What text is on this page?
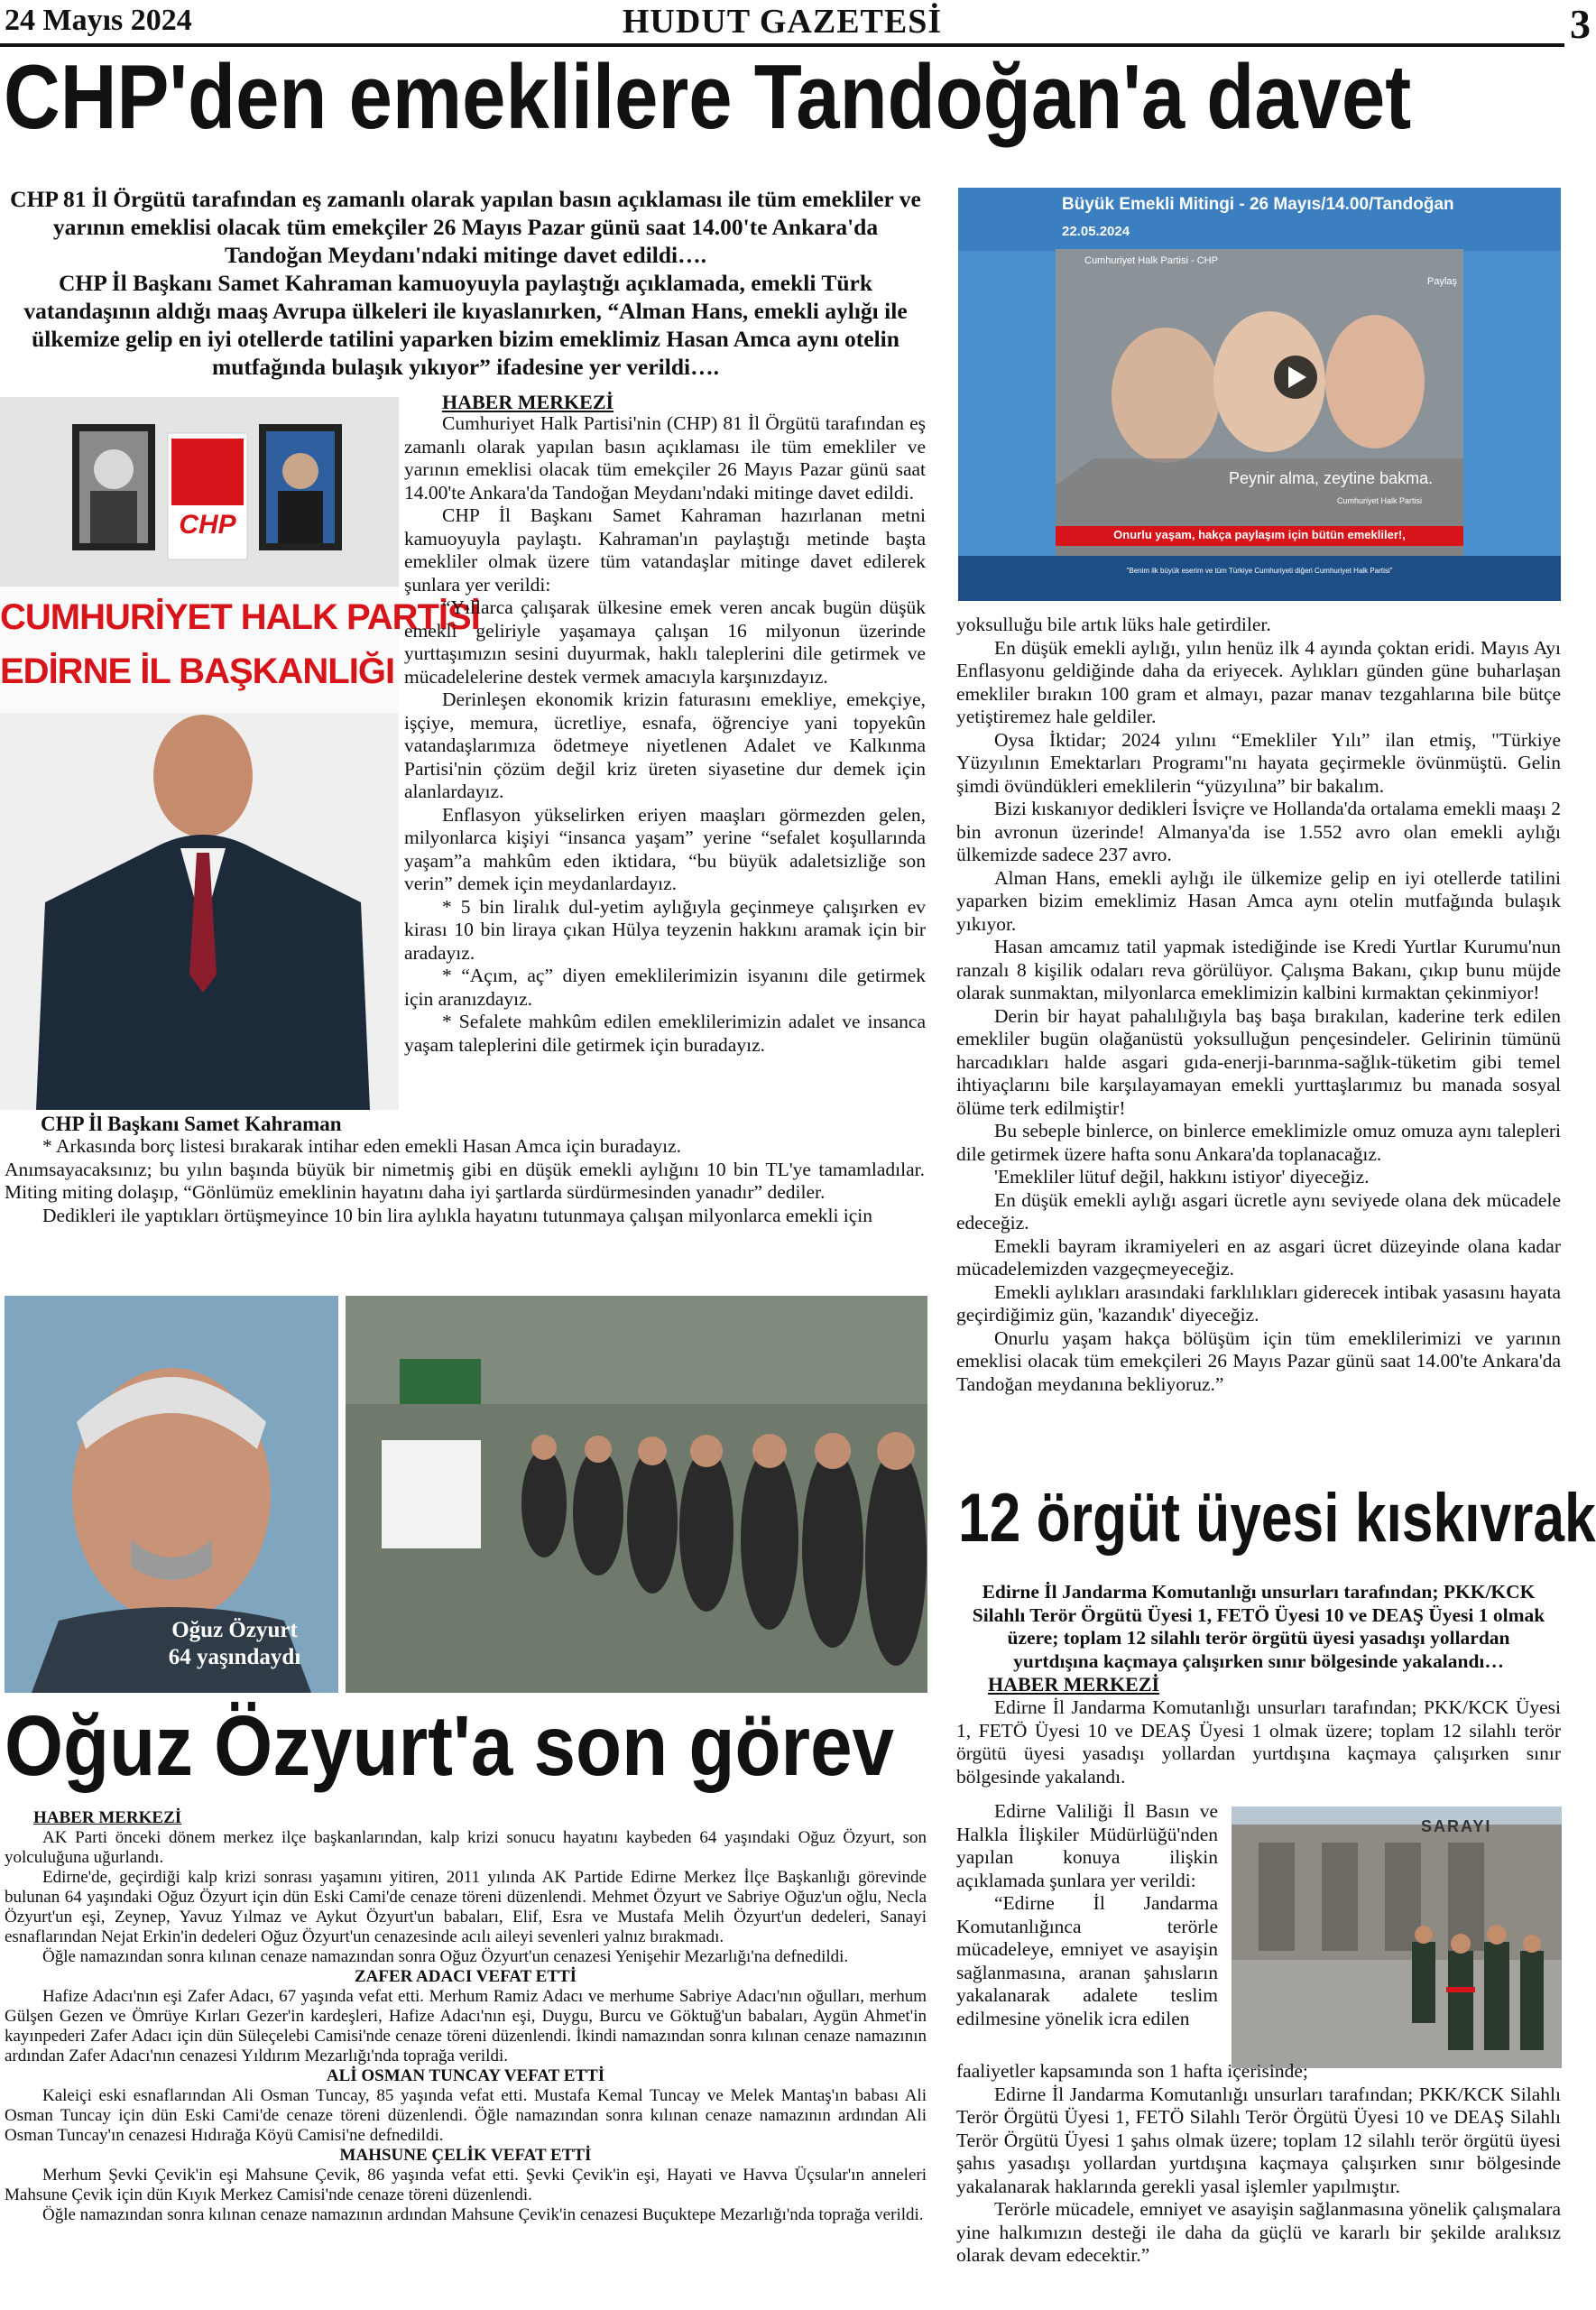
24 Mayıs 2024	HUDUT GAZETESİ	3
CHP'den emeklilere Tandoğan'a davet
CHP 81 İl Örgütü tarafından eş zamanlı olarak yapılan basın açıklaması ile tüm emekliler ve yarının emeklisi olacak tüm emekçiler 26 Mayıs Pazar günü saat 14.00'te Ankara'da Tandoğan Meydanı'ndaki mitinge davet edildi….
CHP İl Başkanı Samet Kahraman kamuoyuyla paylaştığı açıklamada, emekli Türk vatandaşının aldığı maaş Avrupa ülkeleri ile kıyaslanırken, “Alman Hans, emekli aylığı ile ülkemize gelip en iyi otellerde tatilini yaparken bizim emeklimiz Hasan Amca aynı otelin mutfağında bulaşık yıkıyor” ifadesine yer verildi….
CHP
CUMHURİYET HALK PARTİSİ
EDİRNE İL BAŞKANLIĞI
CHP İl Başkanı Samet Kahraman
HABER MERKEZİ

Cumhuriyet Halk Partisi'nin (CHP) 81 İl Örgütü tarafından eş zamanlı olarak yapılan basın açıklaması ile tüm emekliler ve yarının emeklisi olacak tüm emekçiler 26 Mayıs Pazar günü saat 14.00'te Ankara'da Tandoğan Meydanı'ndaki mitinge davet edildi.

CHP İl Başkanı Samet Kahraman hazırlanan metni kamuoyuyla paylaştı. Kahraman'ın paylaştığı metinde başta emekliler olmak üzere tüm vatandaşlar mitinge davet edilerek şunlara yer verildi:

“Yıllarca çalışarak ülkesine emek veren ancak bugün düşük emekli geliriyle yaşamaya çalışan 16 milyonun üzerinde yurttaşımızın sesini duyurmak, haklı taleplerini dile getirmek ve mücadelelerine destek vermek amacıyla karşınızdayız.

Derinleşen ekonomik krizin faturasını emekliye, emekçiye, işçiye, memura, ücretliye, esnafa, öğrenciye yani topyekûn vatandaşlarımıza ödetmeye niyetlenen Adalet ve Kalkınma Partisi'nin çözüm değil kriz üreten siyasetine dur demek için alanlardayız.

Enflasyon yükselirken eriyen maaşları görmezden gelen, milyonlarca kişiyi “insanca yaşam” yerine “sefalet koşullarında yaşam”a mahkûm eden iktidara, “bu büyük adaletsizliğe son verin” demek için meydanlardayız.

* 5 bin liralık dul-yetim aylığıyla geçinmeye çalışırken ev kirası 10 bin liraya çıkan Hülya teyzenin hakkını aramak için bir aradayız.

* “Açım, aç” diyen emeklilerimizin isyanını dile getirmek için aranızdayız.

* Sefalete mahkûm edilen emeklilerimizin adalet ve insanca yaşam taleplerini dile getirmek için buradayız.

* Arkasında borç listesi bırakarak intihar eden emekli Hasan Amca için buradayız.

Anımsayacaksınız; bu yılın başında büyük bir nimetmiş gibi en düşük emekli aylığını 10 bin TL'ye tamamladılar. Miting miting dolaşıp, “Gönlümüz emeklinin hayatını daha iyi şartlarda sürdürmesinden yanadır” dediler.

Dedikleri ile yaptıkları örtüşmeyince 10 bin lira aylıkla hayatını tutunmaya çalışan milyonlarca emekli için

Büyük Emekli Mitingi - 26 Mayıs/14.00/Tandoğan
22.05.2024
Cumhuriyet Halk Partisi - CHP
Paylaş
Peynir alma, zeytine bakma.
Cumhuriyet Halk Partisi
Onurlu yaşam, hakça paylaşım için bütün emekliler!,
"Benim ilk büyük eserim ve tüm Türkiye Cumhuriyeti diğeri Cumhuriyet Halk Partisi"

yoksulluğu bile artık lüks hale getirdiler.

En düşük emekli aylığı, yılın henüz ilk 4 ayında çoktan eridi. Mayıs Ayı Enflasyonu geldiğinde daha da eriyecek. Aylıkları günden güne buharlaşan emekliler bırakın 100 gram et almayı, pazar manav tezgahlarına bile bütçe yetiştiremez hale geldiler.

Oysa İktidar; 2024 yılını “Emekliler Yılı” ilan etmiş, "Türkiye Yüzyılının Emektarları Programı"nı hayata geçirmekle övünmüştü. Gelin şimdi övündükleri emeklilerin “yüzyılına” bir bakalım.

Bizi kıskanıyor dedikleri İsviçre ve Hollanda'da ortalama emekli maaşı 2 bin avronun üzerinde! Almanya'da ise 1.552 avro olan emekli aylığı ülkemizde sadece 237 avro.

Alman Hans, emekli aylığı ile ülkemize gelip en iyi otellerde tatilini yaparken bizim emeklimiz Hasan Amca aynı otelin mutfağında bulaşık yıkıyor.

Hasan amcamız tatil yapmak istediğinde ise Kredi Yurtlar Kurumu'nun ranzalı 8 kişilik odaları reva görülüyor. Çalışma Bakanı, çıkıp bunu müjde olarak sunmaktan, milyonlarca emeklimizin kalbini kırmaktan çekinmiyor!

Derin bir hayat pahalılığıyla baş başa bırakılan, kaderine terk edilen emekliler bugün olağanüstü yoksulluğun pençesindeler. Gelirinin tümünü harcadıkları halde asgari gıda-enerji-barınma-sağlık-tüketim gibi temel ihtiyaçlarını bile karşılayamayan emekli yurttaşlarımız bu manada sosyal ölüme terk edilmiştir!

Bu sebeple binlerce, on binlerce emeklimizle omuz omuza aynı talepleri dile getirmek üzere hafta sonu Ankara'da toplanacağız.

'Emekliler lütuf değil, hakkını istiyor' diyeceğiz.

En düşük emekli aylığı asgari ücretle aynı seviyede olana dek mücadele edeceğiz.

Emekli bayram ikramiyeleri en az asgari ücret düzeyinde olana kadar mücadelemizden vazgeçmeyeceğiz.

Emekli aylıkları arasındaki farklılıkları giderecek intibak yasasını hayata geçirdiğimiz gün, 'kazandık' diyeceğiz.

Onurlu yaşam hakça bölüşüm için tüm emeklilerimizi ve yarının emeklisi olacak tüm emekçileri 26 Mayıs Pazar günü saat 14.00'te Ankara'da Tandoğan meydanına bekliyoruz.”

12 örgüt üyesi kıskıvrak
Edirne İl Jandarma Komutanlığı unsurları tarafından; PKK/KCK Silahlı Terör Örgütü Üyesi 1, FETÖ Üyesi 10 ve DEAŞ Üyesi 1 olmak üzere; toplam 12 silahlı terör örgütü üyesi yasadışı yollardan yurtdışına kaçmaya çalışırken sınır bölgesinde yakalandı…
HABER MERKEZİ

Edirne İl Jandarma Komutanlığı unsurları tarafından; PKK/KCK Üyesi 1, FETÖ Üyesi 10 ve DEAŞ Üyesi 1 olmak üzere; toplam 12 silahlı terör örgütü üyesi yasadışı yollardan yurtdışına kaçmaya çalışırken sınır bölgesinde yakalandı.

Edirne Valiliği İl Basın ve Halkla İlişkiler Müdürlüğü'nden yapılan konuya ilişkin açıklamada şunlara yer verildi:

“Edirne İl Jandarma Komutanlığınca terörle mücadeleye, emniyet ve asayişin sağlanmasına, aranan şahısların yakalanarak adalete teslim edilmesine yönelik icra edilen

SARAYI

faaliyetler kapsamında son 1 hafta içerisinde;

Edirne İl Jandarma Komutanlığı unsurları tarafından; PKK/KCK Silahlı Terör Örgütü Üyesi 1, FETÖ Silahlı Terör Örgütü Üyesi 10 ve DEAŞ Silahlı Terör Örgütü Üyesi 1 şahıs olmak üzere; toplam 12 silahlı terör örgütü üyesi şahıs yasadışı yollardan yurtdışına kaçmaya çalışırken sınır bölgesinde yakalanarak haklarında gerekli yasal işlemler yapılmıştır.

Terörle mücadele, emniyet ve asayişin sağlanmasına yönelik çalışmalara yine halkımızın desteği ile daha da güçlü ve kararlı bir şekilde aralıksız olarak devam edecektir.”

Oğuz Özyurt
64 yaşındaydı
Oğuz Özyurt'a son görev
HABER MERKEZİ

AK Parti önceki dönem merkez ilçe başkanlarından, kalp krizi sonucu hayatını kaybeden 64 yaşındaki Oğuz Özyurt, son yolculuğuna uğurlandı.

Edirne'de, geçirdiği kalp krizi sonrası yaşamını yitiren, 2011 yılında AK Partide Edirne Merkez İlçe Başkanlığı görevinde bulunan 64 yaşındaki Oğuz Özyurt için dün Eski Cami'de cenaze töreni düzenlendi. Mehmet Özyurt ve Sabriye Oğuz'un oğlu, Necla Özyurt'un eşi, Zeynep, Yavuz Yılmaz ve Aykut Özyurt'un babaları, Elif, Esra ve Mustafa Melih Özyurt'un dedeleri, Sanayi esnaflarından Nejat Erkin'in dedeleri Oğuz Özyurt'un cenazesinde acılı aileyi sevenleri yalnız bırakmadı.

Öğle namazından sonra kılınan cenaze namazından sonra Oğuz Özyurt'un cenazesi Yenişehir Mezarlığı'na defnedildi.

ZAFER ADACI VEFAT ETTİ

Hafize Adacı'nın eşi Zafer Adacı, 67 yaşında vefat etti. Merhum Ramiz Adacı ve merhume Sabriye Adacı'nın oğulları, merhum Gülşen Gezen ve Ömrüye Kırları Gezer'in kardeşleri, Hafize Adacı'nın eşi, Duygu, Burcu ve Göktuğ'un babaları, Aygün Ahmet'in kayınpederi Zafer Adacı için dün Süleçelebi Camisi'nde cenaze töreni düzenlendi. İkindi namazından sonra kılınan cenaze namazının ardından Zafer Adacı'nın cenazesi Yıldırım Mezarlığı'nda toprağa verildi.

ALİ OSMAN TUNCAY VEFAT ETTİ

Kaleiçi eski esnaflarından Ali Osman Tuncay, 85 yaşında vefat etti. Mustafa Kemal Tuncay ve Melek Mantaş'ın babası Ali Osman Tuncay için dün Eski Cami'de cenaze töreni düzenlendi. Öğle namazından sonra kılınan cenaze namazının ardından Ali Osman Tuncay'ın cenazesi Hıdırağa Köyü Camisi'ne defnedildi.

MAHSUNE ÇELİK VEFAT ETTİ

Merhum Şevki Çevik'in eşi Mahsune Çevik, 86 yaşında vefat etti. Şevki Çevik'in eşi, Hayati ve Havva Üçsular'ın anneleri Mahsune Çevik için dün Kıyık Merkez Camisi'nde cenaze töreni düzenlendi.

Öğle namazından sonra kılınan cenaze namazının ardından Mahsune Çevik'in cenazesi Buçuktepe Mezarlığı'nda toprağa verildi.
